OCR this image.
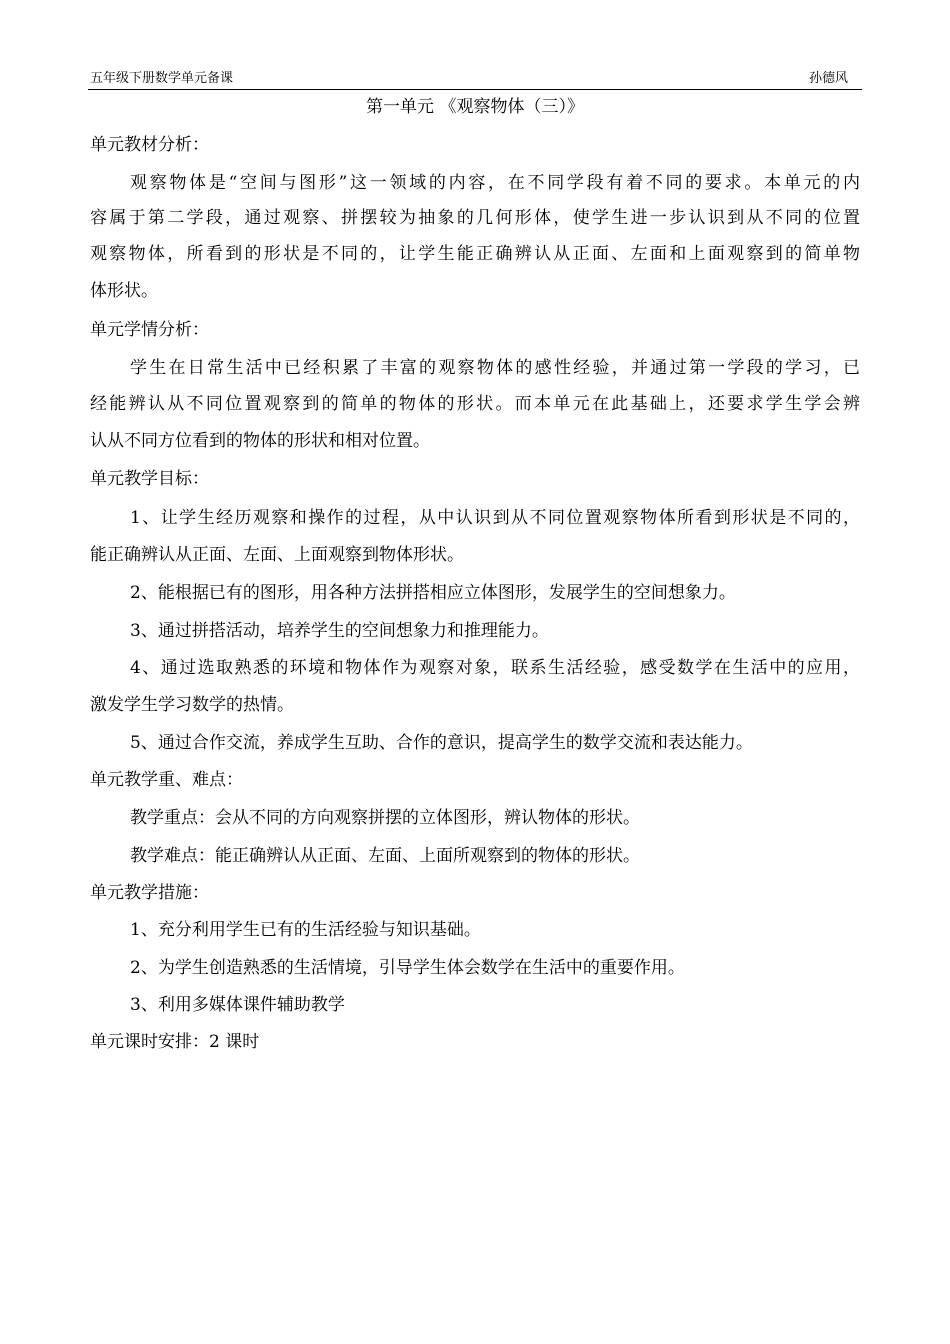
五年级下册数学单元备课	孙德风
第一单元 《观察物体（三）》
单元教材分析：
观察物体是“空间与图形”这一领域的内容，在不同学段有着不同的要求。本单元的内
容属于第二学段，通过观察、拼摆较为抽象的几何形体，使学生进一步认识到从不同的位置
观察物体，所看到的形状是不同的，让学生能正确辨认从正面、左面和上面观察到的简单物
体形状。
单元学情分析：
学生在日常生活中已经积累了丰富的观察物体的感性经验，并通过第一学段的学习，已
经能辨认从不同位置观察到的简单的物体的形状。而本单元在此基础上，还要求学生学会辨
认从不同方位看到的物体的形状和相对位置。
单元教学目标：
1、让学生经历观察和操作的过程，从中认识到从不同位置观察物体所看到形状是不同的，
能正确辨认从正面、左面、上面观察到物体形状。
2、能根据已有的图形，用各种方法拼搭相应立体图形，发展学生的空间想象力。
3、通过拼搭活动，培养学生的空间想象力和推理能力。
4、通过选取熟悉的环境和物体作为观察对象，联系生活经验，感受数学在生活中的应用，
激发学生学习数学的热情。
5、通过合作交流，养成学生互助、合作的意识，提高学生的数学交流和表达能力。
单元教学重、难点：
教学重点：会从不同的方向观察拼摆的立体图形，辨认物体的形状。
教学难点：能正确辨认从正面、左面、上面所观察到的物体的形状。
单元教学措施：
1、充分利用学生已有的生活经验与知识基础。
2、为学生创造熟悉的生活情境，引导学生体会数学在生活中的重要作用。
3、利用多媒体课件辅助教学
单元课时安排：2 课时
